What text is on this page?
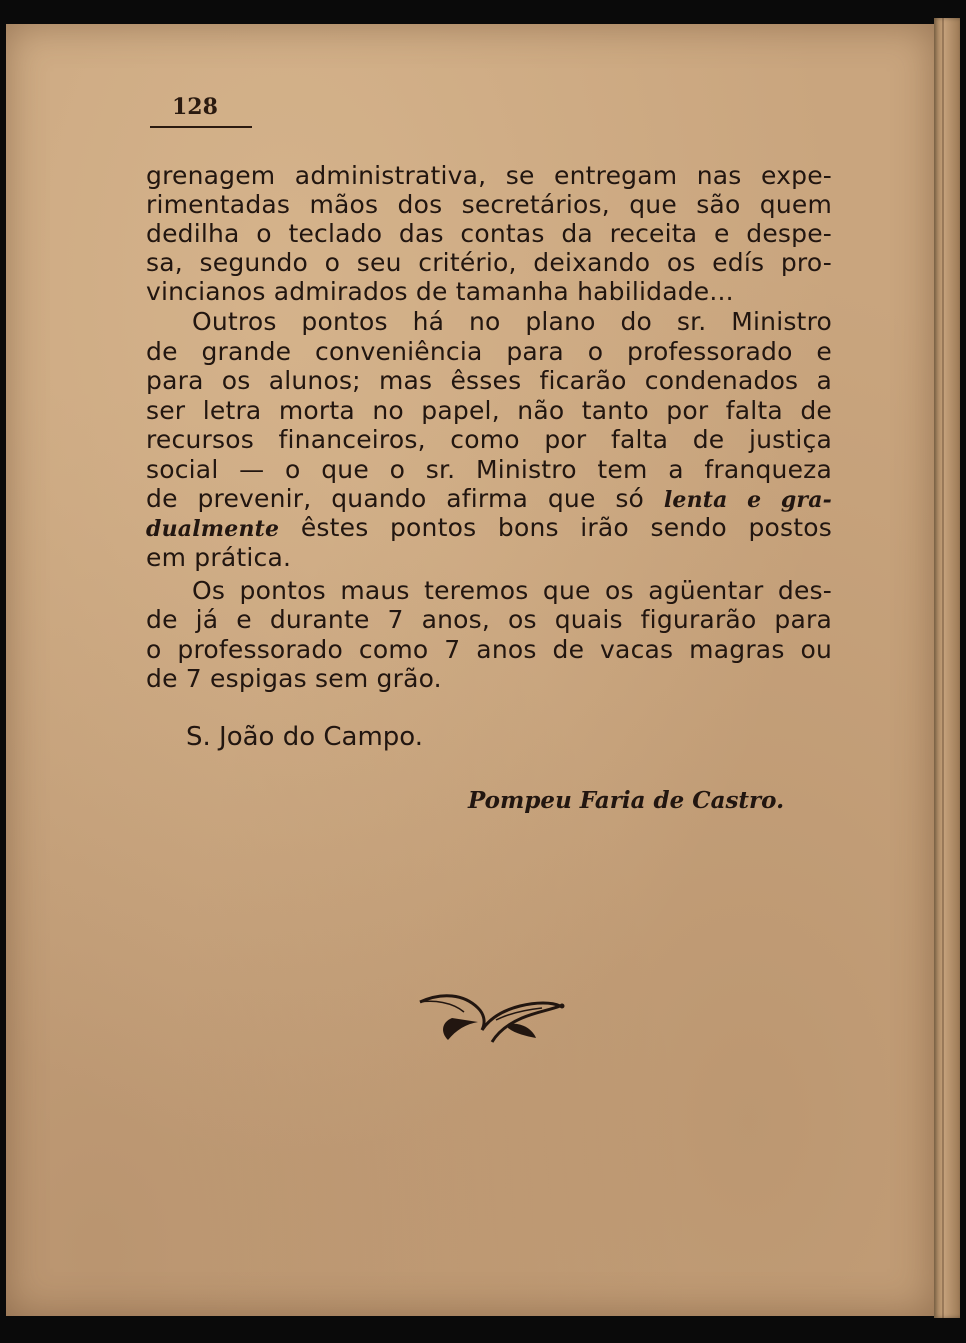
128
grenagem administrativa, se entregam nas expe-
rimentadas mãos dos secretários, que são quem
dedilha o teclado das contas da receita e despe-
sa, segundo o seu critério, deixando os edís pro-
vincianos admirados de tamanha habilidade...
Outros pontos há no plano do sr. Ministro
de grande conveniência para o professorado e
para os alunos; mas êsses ficarão condenados a
ser letra morta no papel, não tanto por falta de
recursos financeiros, como por falta de justiça
social — o que o sr. Ministro tem a franqueza
de prevenir, quando afirma que só lenta e gra-
dualmente êstes pontos bons irão sendo postos
em prática.
Os pontos maus teremos que os agüentar des-
de já e durante 7 anos, os quais figurarão para
o professorado como 7 anos de vacas magras ou
de 7 espigas sem grão.
S. João do Campo.
Pompeu Faria de Castro.
